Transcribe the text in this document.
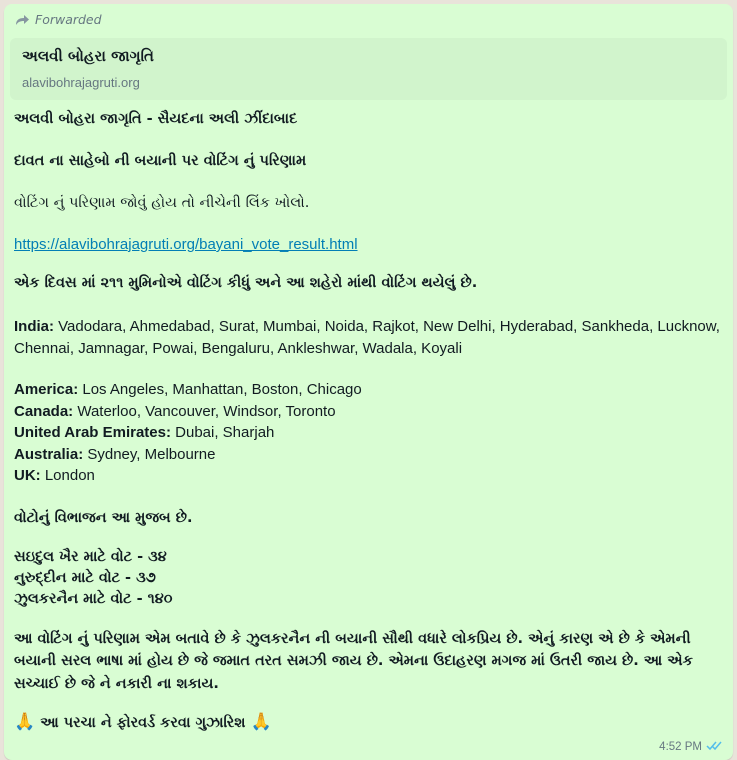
Forwarded
અલવી બોહરા જાગૃતિ
alavibohrajagruti.org

અલવી બોહરા જાગૃતિ - સૈયદના અલી ઝીંદાબાદ

દાવત ના સાહેબો ની બયાની પર વોટિંગ નું પરિણામ

વોટિંગ નું પરિણામ જોવું હોય તો નીચેની લિંક ખોલો.

https://alavibohrajagruti.org/bayani_vote_result.html

એક દિવસ માં ૨૧૧ મુમિનોએ વોટિંગ કીધું અને આ શહેરો માંથી વોટિંગ થયેલું છે.

India: Vadodara, Ahmedabad, Surat, Mumbai, Noida, Rajkot, New Delhi, Hyderabad, Sankheda, Lucknow, Chennai, Jamnagar, Powai, Bengaluru, Ankleshwar, Wadala, Koyali
America: Los Angeles, Manhattan, Boston, Chicago
Canada: Waterloo, Vancouver, Windsor, Toronto
United Arab Emirates: Dubai, Sharjah
Australia: Sydney, Melbourne
UK: London

વોટોનું વિભાજન આ મુજબ છે.

સઇદુલ ખૈર માટે વોટ - ૩૪
નુરુદ્દીન માટે વોટ - ૩૭
ઝુલકરનૈન માટે વોટ - ૧૪૦

આ વોટિંગ નું પરિણામ એમ બતાવે છે કે ઝુલકરનૈન ની બયાની સૌથી વધારે લોકપ્રિય છે. એનું કારણ એ છે કે એમની બયાની સરલ ભાષા માં હોય છે જે જમાત તરત સમઝી જાય છે. એમના ઉદાહરણ મગજ માં ઉતરી જાય છે. આ એક સચ્ચાઈ છે જે ને નકારી ના શકાય.

🙏 આ પરચા ને ફોરવર્ડ કરવા ગુઝારિશ 🙏

4:52 PM
